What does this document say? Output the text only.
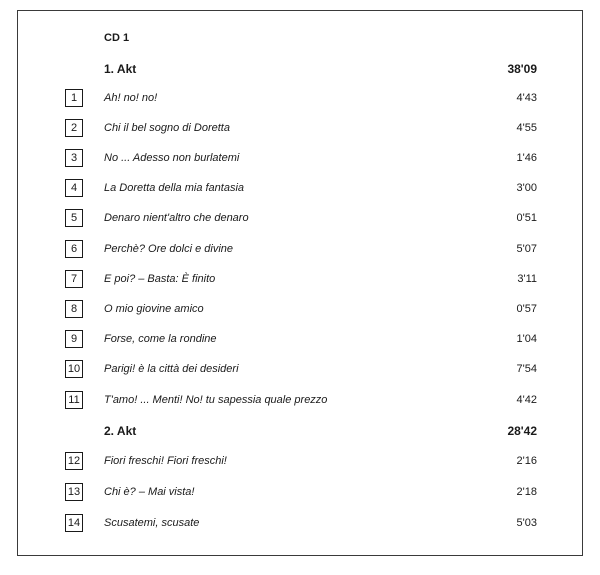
CD 1
1. Akt	38'09
1	Ah! no! no!	4'43
2	Chi il bel sogno di Doretta	4'55
3	No ... Adesso non burlatemi	1'46
4	La Doretta della mia fantasia	3'00
5	Denaro nient'altro che denaro	0'51
6	Perchè? Ore dolci e divine	5'07
7	E poi? – Basta: È finito	3'11
8	O mio giovine amico	0'57
9	Forse, come la rondine	1'04
10 Parigi! è la città dei desideri	7'54
11 T'amo! ... Menti! No! tu sapessia quale prezzo	4'42
2. Akt	28'42
12 Fiori freschi! Fiori freschi!	2'16
13 Chi è? – Mai vista!	2'18
14 Scusatemi, scusate	5'03
